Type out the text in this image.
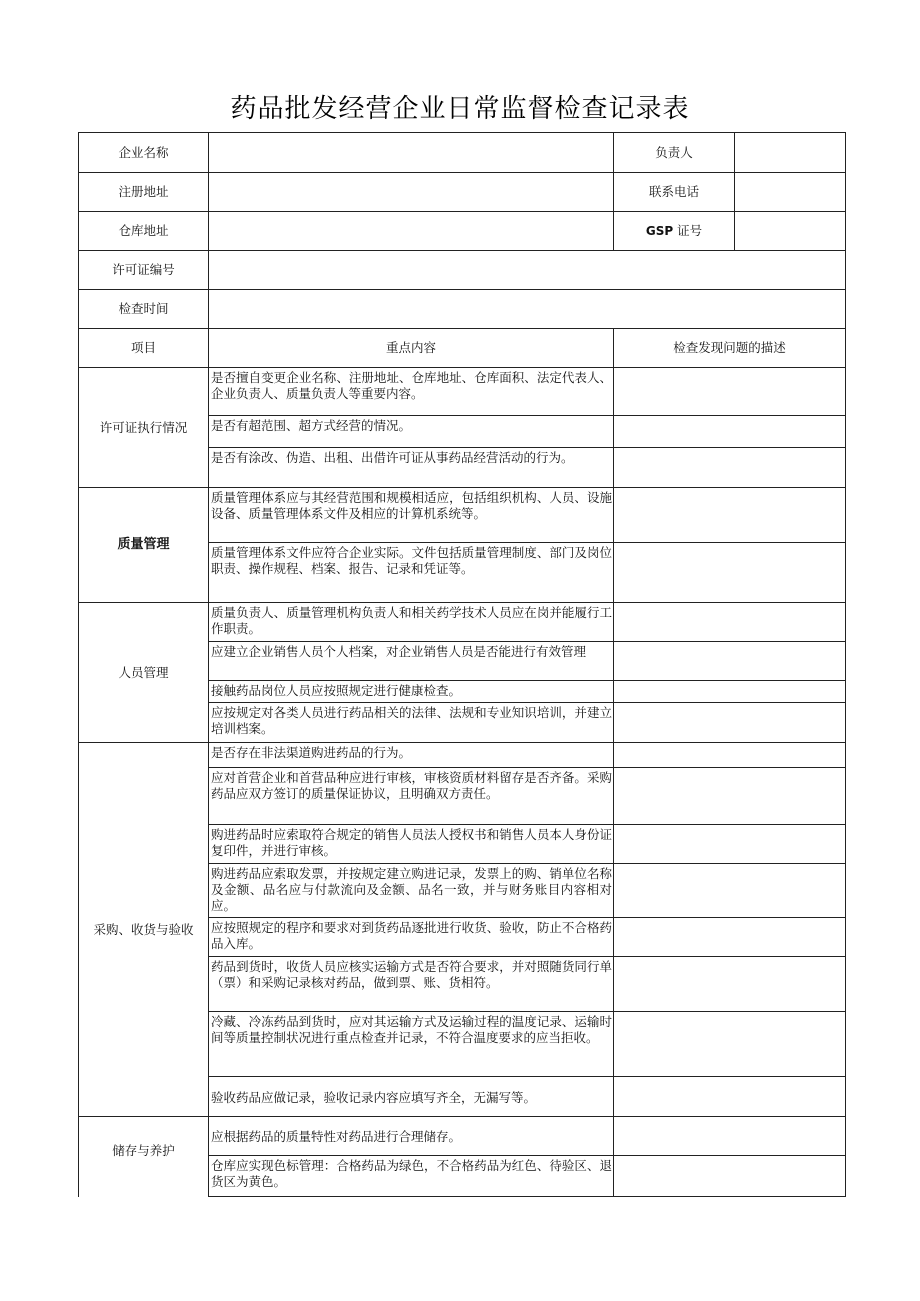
药品批发经营企业日常监督检查记录表
企业名称		负责人	
注册地址		联系电话	
仓库地址		GSP 证号	
许可证编号			
检查时间			
项目	重点内容	检查发现问题的描述	
许可证执行情况	是否擅自变更企业名称、注册地址、仓库地址、仓库面积、法定代表人、企业负责人、质量负责人等重要内容。		
	是否有超范围、超方式经营的情况。		
	是否有涂改、伪造、出租、出借许可证从事药品经营活动的行为。		
质量管理	质量管理体系应与其经营范围和规模相适应，包括组织机构、人员、设施设备、质量管理体系文件及相应的计算机系统等。		
	质量管理体系文件应符合企业实际。文件包括质量管理制度、部门及岗位职责、操作规程、档案、报告、记录和凭证等。		
人员管理	质量负责人、质量管理机构负责人和相关药学技术人员应在岗并能履行工作职责。		
	应建立企业销售人员个人档案，对企业销售人员是否能进行有效管理		
	接触药品岗位人员应按照规定进行健康检查。		
	应按规定对各类人员进行药品相关的法律、法规和专业知识培训，并建立培训档案。		
采购、收货与验收	是否存在非法渠道购进药品的行为。		
	应对首营企业和首营品种应进行审核，审核资质材料留存是否齐备。采购药品应双方签订的质量保证协议，且明确双方责任。		
	购进药品时应索取符合规定的销售人员法人授权书和销售人员本人身份证复印件，并进行审核。		
	购进药品应索取发票，并按规定建立购进记录，发票上的购、销单位名称及金额、品名应与付款流向及金额、品名一致，并与财务账目内容相对应。		
	应按照规定的程序和要求对到货药品逐批进行收货、验收，防止不合格药品入库。		
	药品到货时，收货人员应核实运输方式是否符合要求，并对照随货同行单（票）和采购记录核对药品，做到票、账、货相符。		
	冷藏、冷冻药品到货时，应对其运输方式及运输过程的温度记录、运输时间等质量控制状况进行重点检查并记录，不符合温度要求的应当拒收。		
	验收药品应做记录，验收记录内容应填写齐全，无漏写等。		

储存与养护	应根据药品的质量特性对药品进行合理储存。		
	仓库应实现色标管理：合格药品为绿色，不合格药品为红色、待验区、退货区为黄色。		
